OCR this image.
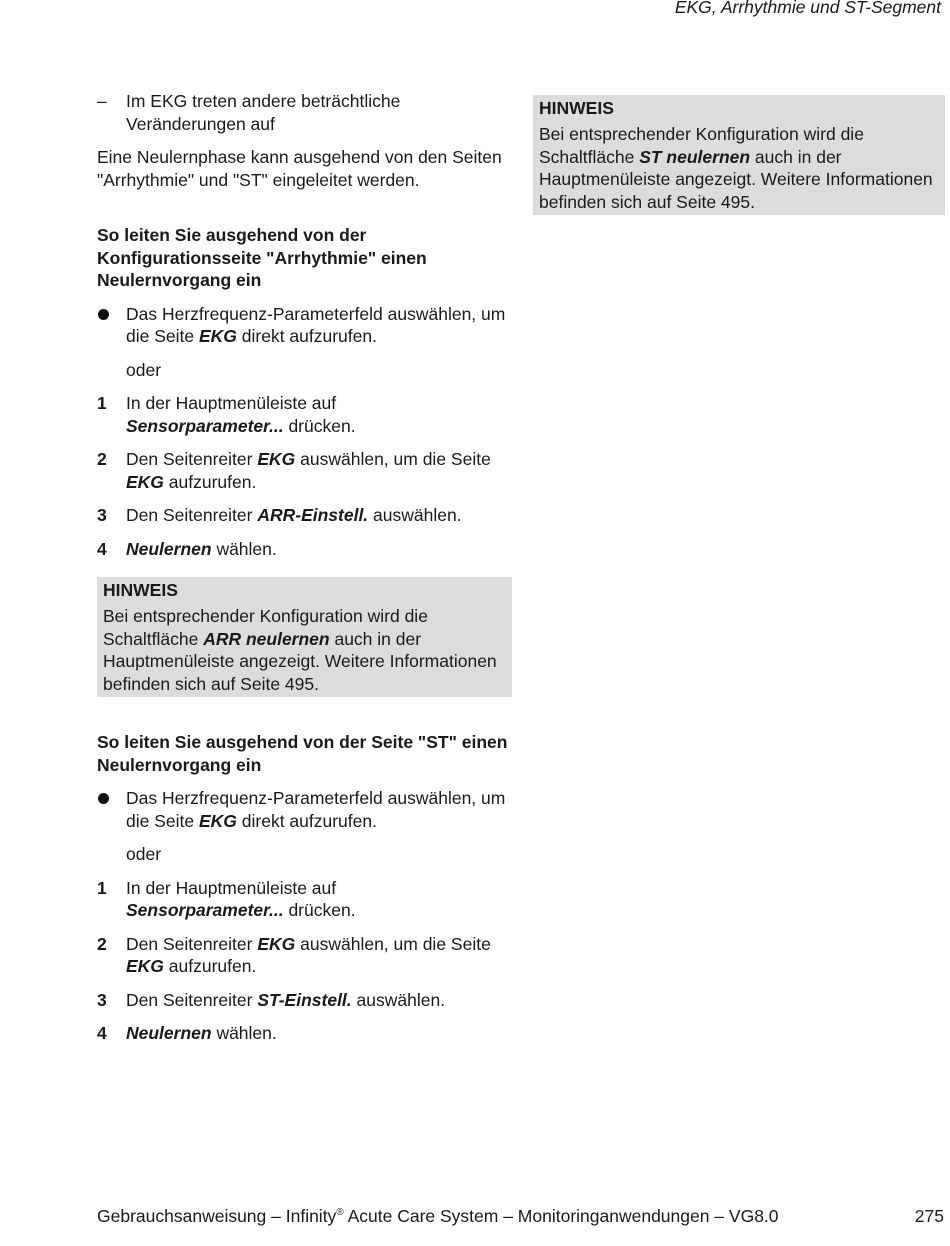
EKG, Arrhythmie und ST-Segment
–	Im EKG treten andere beträchtliche Veränderungen auf

Eine Neulernphase kann ausgehend von den Seiten "Arrhythmie" und "ST" eingeleitet werden.

So leiten Sie ausgehend von der Konfigurationsseite "Arrhythmie" einen Neulernvorgang ein

Das Herzfrequenz-Parameterfeld auswählen, um die Seite EKG direkt aufzurufen.

oder

1	In der Hauptmenüleiste auf
Sensorparameter... drücken.
2	Den Seitenreiter EKG auswählen, um die Seite
EKG aufzurufen.
3	Den Seitenreiter ARR-Einstell. auswählen.
4	Neulernen wählen.
HINWEIS

Bei entsprechender Konfiguration wird die Schaltfläche ARR neulernen auch in der Hauptmenüleiste angezeigt. Weitere Informationen befinden sich auf Seite 495.

So leiten Sie ausgehend von der Seite "ST" einen Neulernvorgang ein

Das Herzfrequenz-Parameterfeld auswählen, um die Seite EKG direkt aufzurufen.

oder

1	In der Hauptmenüleiste auf
Sensorparameter... drücken.
2	Den Seitenreiter EKG auswählen, um die Seite
EKG aufzurufen.
3	Den Seitenreiter ST-Einstell. auswählen.
4	Neulernen wählen.
HINWEIS

Bei entsprechender Konfiguration wird die Schaltfläche ST neulernen auch in der Hauptmenüleiste angezeigt. Weitere Informationen befinden sich auf Seite 495.

Gebrauchsanweisung – Infinity® Acute Care System – Monitoringanwendungen – VG8.0	275
